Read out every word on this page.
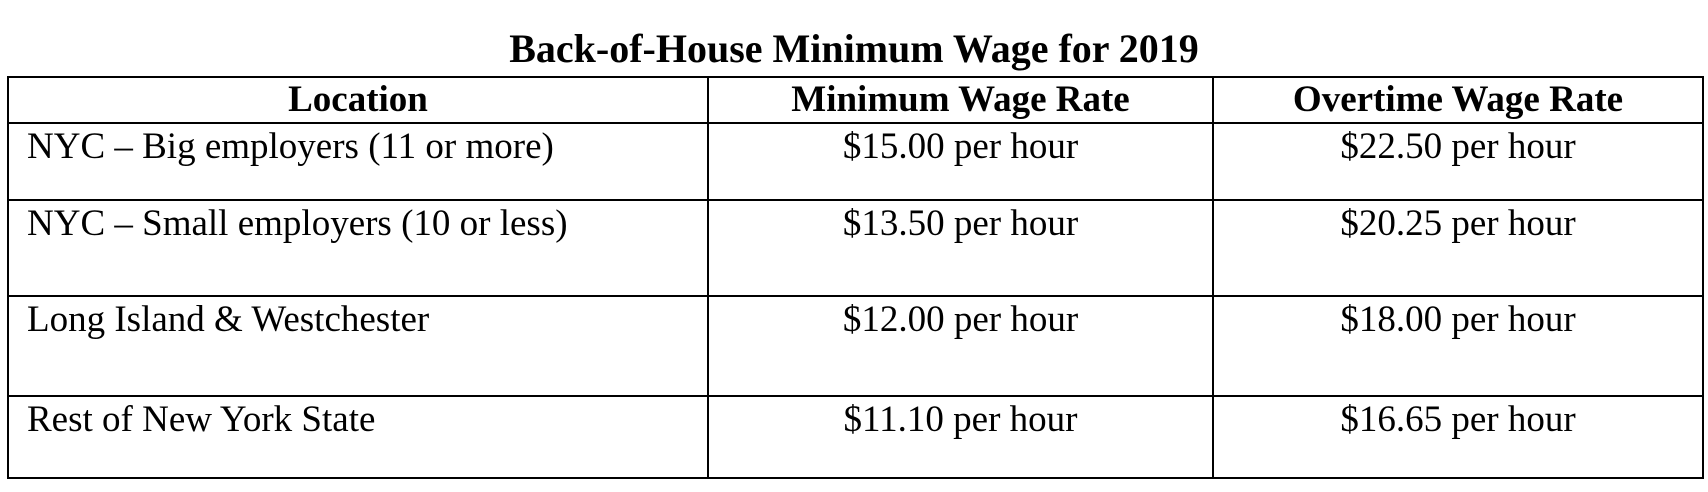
Back-of-House Minimum Wage for 2019
Location	Minimum Wage Rate	Overtime Wage Rate
NYC – Big employers (11 or more)	$15.00 per hour	$22.50 per hour
NYC – Small employers (10 or less)	$13.50 per hour	$20.25 per hour
Long Island & Westchester	$12.00 per hour	$18.00 per hour
Rest of New York State	$11.10 per hour	$16.65 per hour
